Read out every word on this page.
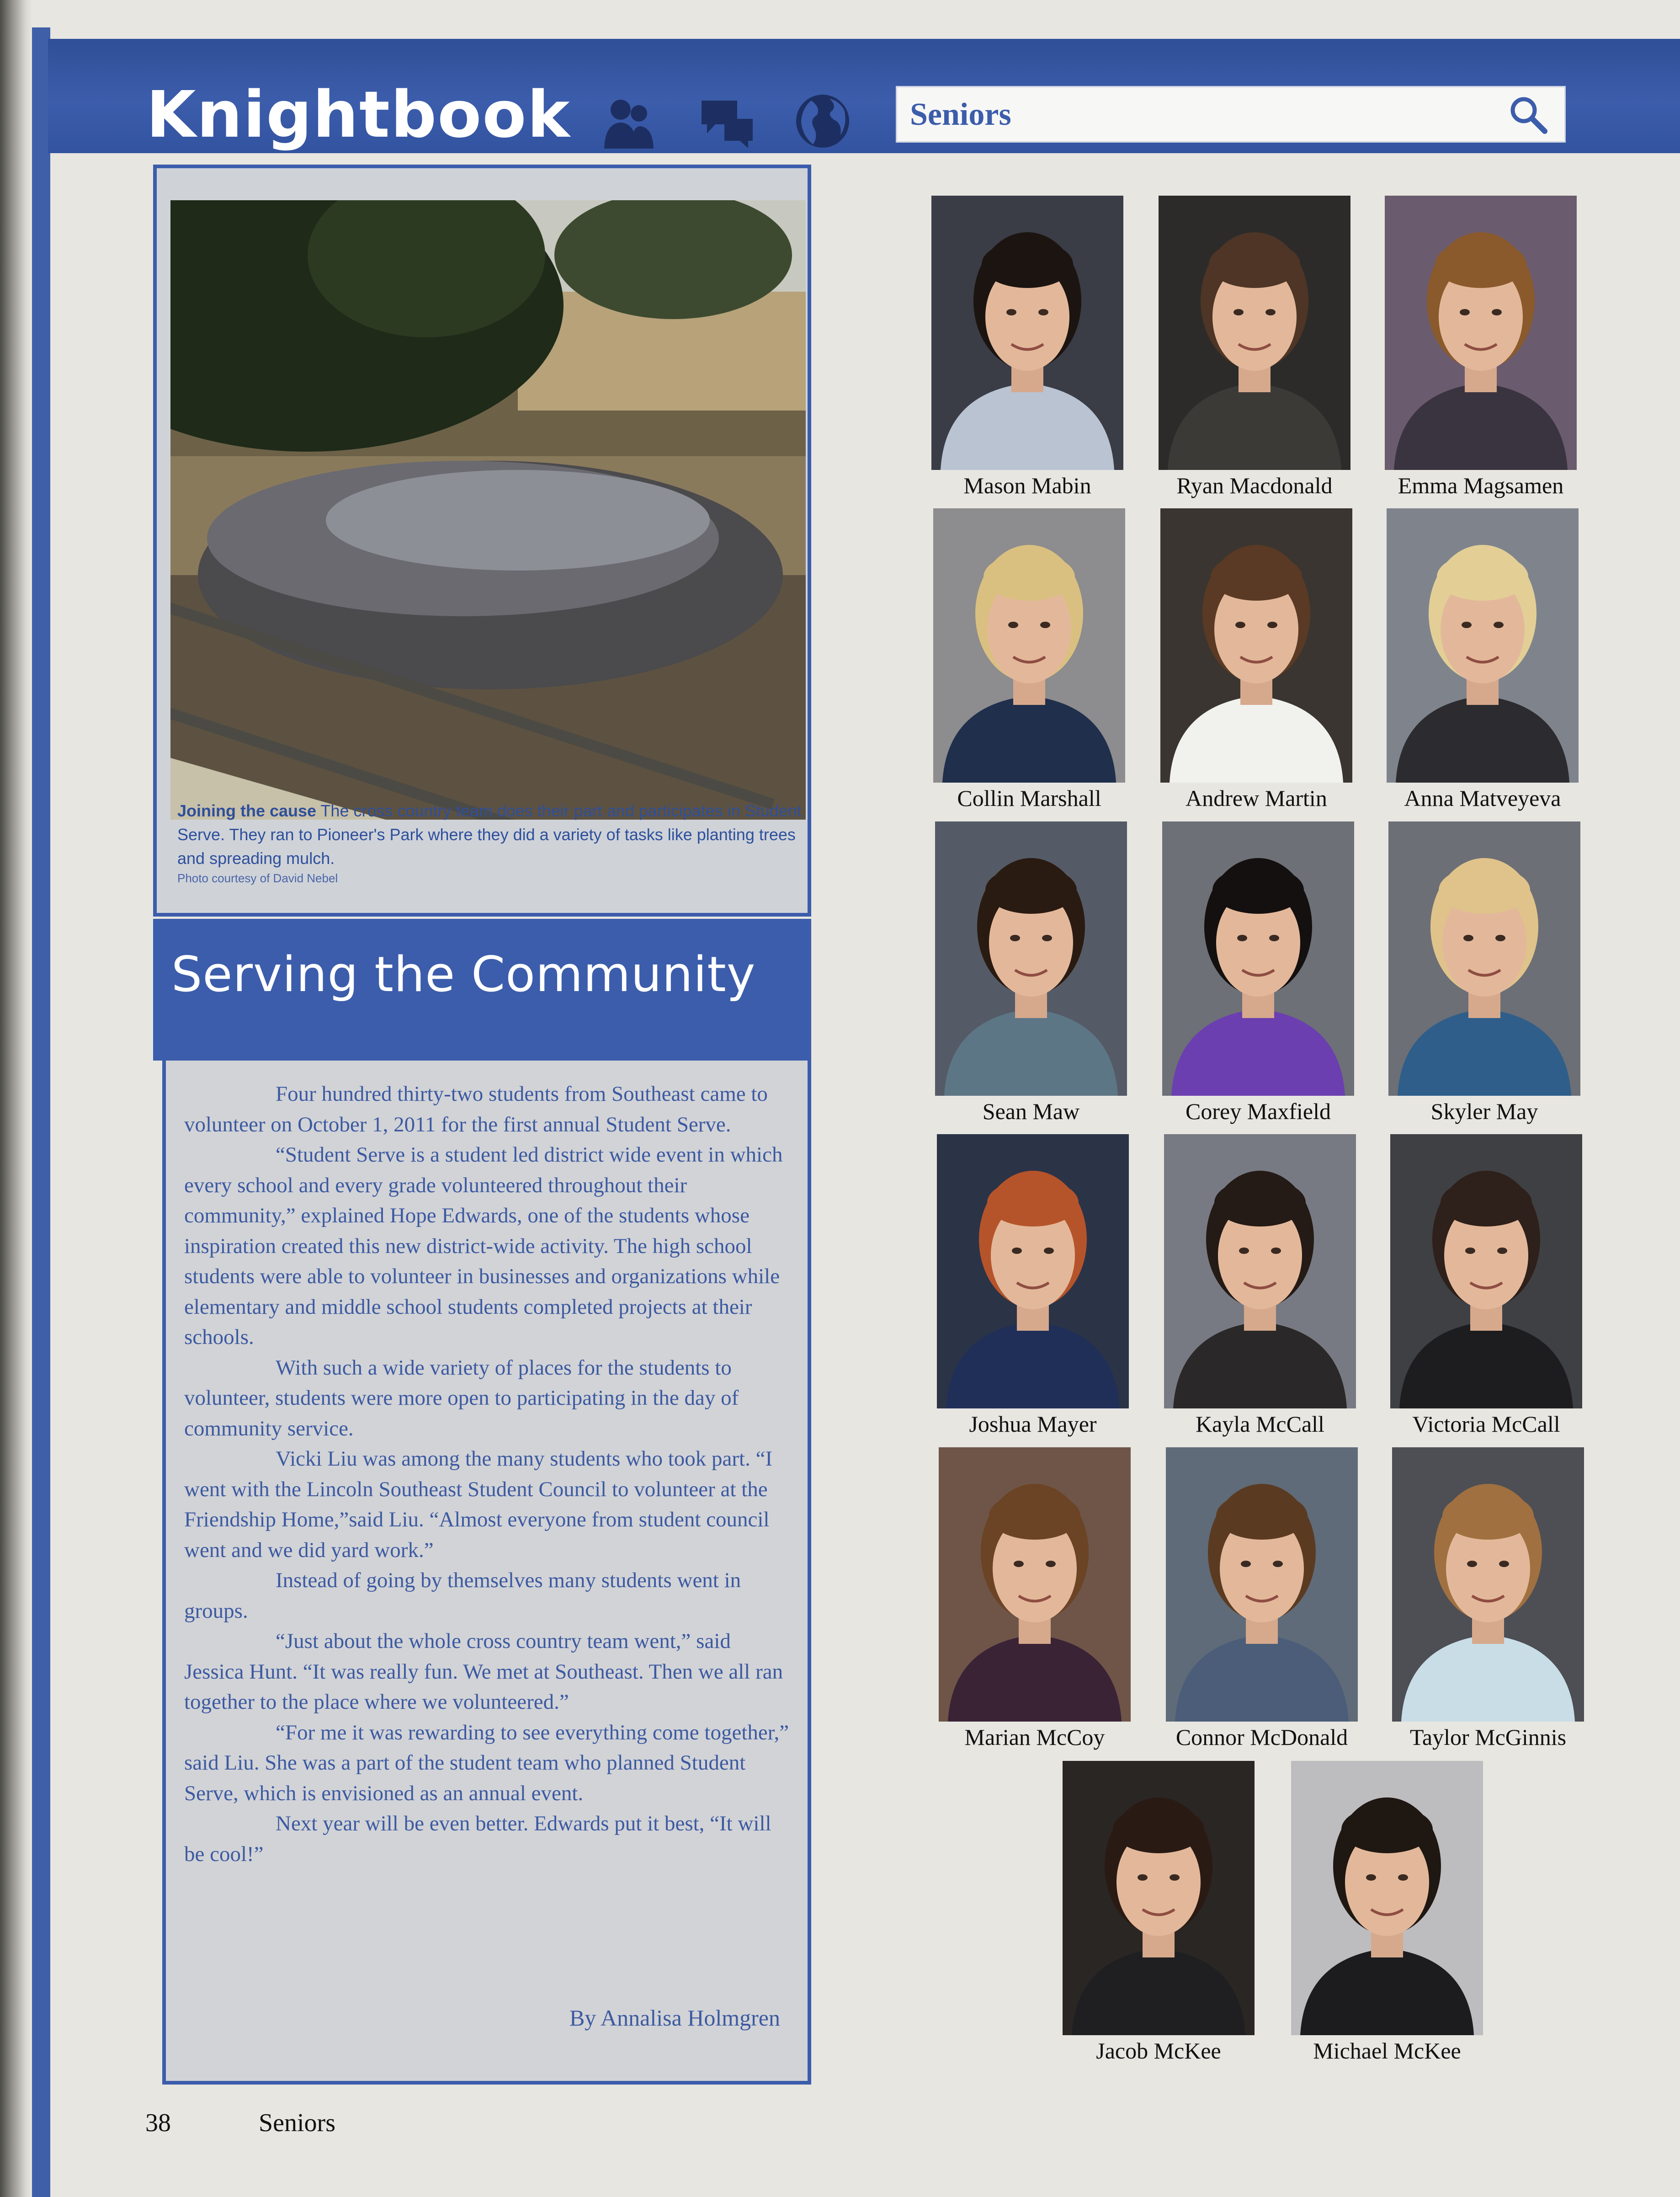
Knightbook	Seniors
Joining the cause The cross country team does their part and participates in Student Serve. They ran to Pioneer's Park where they did a variety of tasks like planting trees and spreading mulch.
Photo courtesy of David Nebel
Serving the Community

Four hundred thirty-two students from Southeast came to volunteer on October 1, 2011 for the first annual Student Serve.

“Student Serve is a student led district wide event in which every school and every grade volunteered throughout their community,” explained Hope Edwards, one of the students whose inspiration created this new district-wide activity. The high school students were able to volunteer in businesses and organizations while elementary and middle school students completed projects at their schools.

With such a wide variety of places for the students to volunteer, students were more open to participating in the day of community service.

Vicki Liu was among the many students who took part. “I went with the Lincoln Southeast Student Council to volunteer at the Friendship Home,”said Liu. “Almost everyone from student council went and we did yard work.”

Instead of going by themselves many students went in groups.

“Just about the whole cross country team went,” said Jessica Hunt. “It was really fun. We met at Southeast. Then we all ran together to the place where we volunteered.”

“For me it was rewarding to see everything come together,” said Liu. She was a part of the student team who planned Student Serve, which is envisioned as an annual event.

Next year will be even better. Edwards put it best, “It will be cool!”

By Annalisa Holmgren
38	Seniors
Mason Mabin	Ryan Macdonald	Emma Magsamen
Collin Marshall	Andrew Martin	Anna Matveyeva
Sean Maw	Corey Maxfield	Skyler May
Joshua Mayer	Kayla McCall	Victoria McCall
Marian McCoy	Connor McDonald	Taylor McGinnis
Jacob McKee	Michael McKee
